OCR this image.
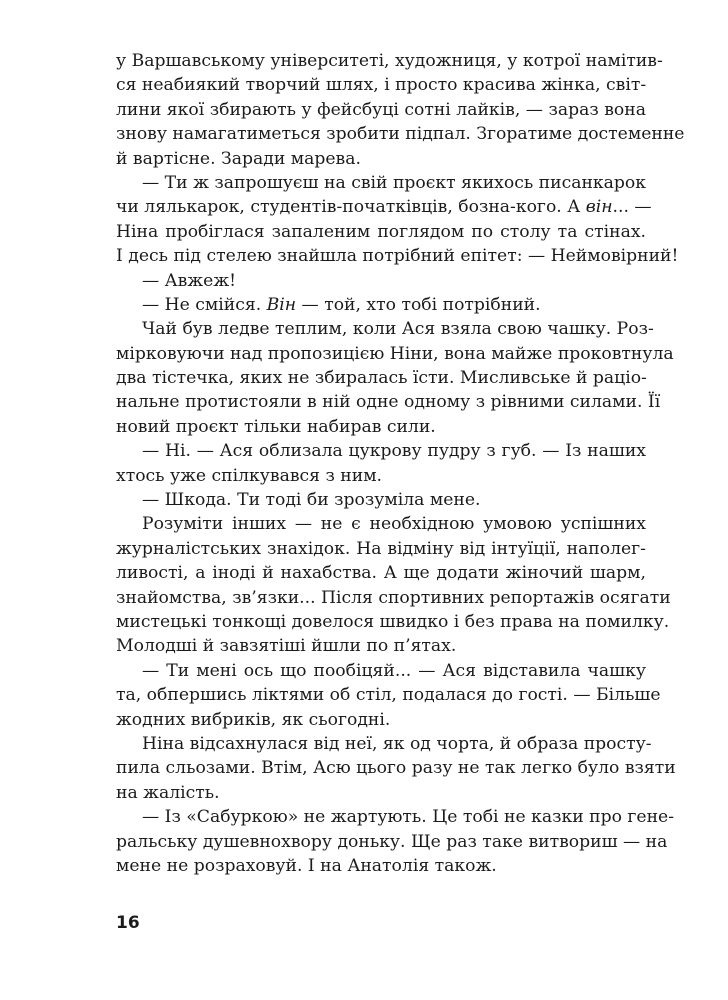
у Варшавському університеті, художниця, у котрої намітив-
ся неабиякий творчий шлях, і просто красива жінка, світ-
лини якої збирають у фейсбуці сотні лайків, — зараз вона
знову намагатиметься зробити підпал. Згоратиме достеменне
й вартісне. Заради марева.
— Ти ж запрошуєш на свій проєкт якихось писанкарок
чи лялькарок, студентів-початківців, бозна-кого. А він... —
Ніна пробіглася запаленим поглядом по столу та стінах.
І десь під стелею знайшла потрібний епітет: — Неймовірний!
— Авжеж!
— Не смійся. Він — той, хто тобі потрібний.
Чай був ледве теплим, коли Ася взяла свою чашку. Роз-
мірковуючи над пропозицією Ніни, вона майже проковтнула
два тістечка, яких не збиралась їсти. Мисливське й раціо-
нальне протистояли в ній одне одному з рівними силами. Її
новий проєкт тільки набирав сили.
— Ні. — Ася облизала цукрову пудру з губ. — Із наших
хтось уже спілкувався з ним.
— Шкода. Ти тоді би зрозуміла мене.
Розуміти інших — не є необхідною умовою успішних
журналістських знахідок. На відміну від інтуїції, наполег-
ливості, а іноді й нахабства. А ще додати жіночий шарм,
знайомства, зв’язки... Після спортивних репортажів осягати
мистецькі тонкощі довелося швидко і без права на помилку.
Молодші й завзятіші йшли по п’ятах.
— Ти мені ось що пообіцяй... — Ася відставила чашку
та, обпершись ліктями об стіл, подалася до гості. — Більше
жодних вибриків, як сьогодні.
Ніна відсахнулася від неї, як од чорта, й образа просту-
пила сльозами. Втім, Асю цього разу не так легко було взяти
на жалість.
— Із «Сабуркою» не жартують. Це тобі не казки про гене-
ральську душевнохвору доньку. Ще раз таке витвориш — на
мене не розраховуй. І на Анатолія також.
16
